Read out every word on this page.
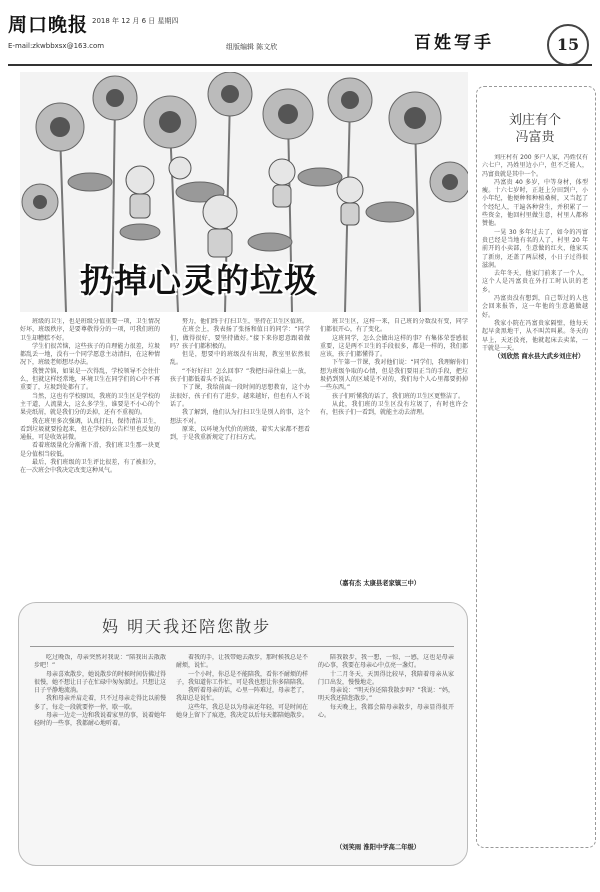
周口晚报 2018 年 12 月 6 日 星期四
E-mail:zkwbbxsx@163.com	组版编辑 陈文欣	百姓写手	15
扔掉心灵的垃圾

班级的卫生，也是班级分值重要一项，卫生情况好坏，班级秩序，是要尊敬得分的一项，可我们班的卫生却糟糕不好。

学生们很苦恼，这些孩子的自理能力很差，垃圾都乱丢一地，没有一个同学愿意主动清扫，在这种情况下，班级老师想尽办法。

我赞苦恼，如果是一次得乱，学校领导不会往什么，但就这样经常地，环境卫生在同学们的心中不再重要了，垃圾到处都有了。

当然，这也有学校原因，我班的卫生区是学校的主干道，人流量大，这么多学生，谁要是不小心的个果壳纸屑，就是我们分的丢掉，还有不重视的。

我在班里多次强调，认真打扫，保持清洁卫生，看到垃圾就要捡起来，但在学校的公告栏里也反复的通报，可是收效甚微。

看着班级量化分渐渐下滑，我们班卫生那一块更是分值相当较低。

最后，我们班级的卫生评比很差，有了被扣分，在一次班会中我决定改变这种风气。

努力，他们终于打扫卫生，坚持在卫生区值班。

在班会上，我表扬了张扬和值日的同学：“同学们，做得很好，要坚持做好。”接下来你愿意跟着做吗？孩子们都积极的。

但是，想要中的班级没有出现，教室里依然很乱。

“不好好扫！怎么回事？”我把扫帚往桌上一放，孩子们都低着头不说话。

下了课，我给前面一段时间的思想教育，这个办法很好，孩子们有了进步，越来越好，但也有人不说话了。

我了解到，他们认为打扫卫生是别人的事，这个想法不对。

原来，以环境为代价的班级，着实大家都不想看到，于是我重新规定了打扫方式。

班卫生区，这样一来，自己班的分数没有变，同学们都很开心，有了变化。

这班同学，怎么会做出这样的事？有集体荣誉感很重要，这是两不卫生的手段很多，都是一样的，我们都应该，孩子们都懂得了。

下午第一节课，我对他们说：“同学们，我理解你们想为班级争取的心情，但是我们要用正当的手段，把垃圾扔到别人的区域是不对的，我们每个人心里都要扔掉一些东西。”

孩子们听懂我的话了，我们班的卫生区更整洁了。

从此，我们班的卫生区没有垃圾了，有时也许会有，但孩子们一看到，就能主动去清理。

（嘉有杰 太康县老家镇三中）
刘庄有个
冯富贵

刘庄村有 200 多户人家，冯姓仅有六七户，冯姓里边小户，但不乏能人，冯富贵就是其中一个。

冯富贵 40 多岁，中等身材，体型瘦。十六七岁时，正赶上分田到户，小小年纪，他便种和种植桑树，又当起了个经纪人，干遍各种营生，并积累了一些资金，他回村里做生意，村里人都称赞他。

一晃 30 多年过去了，如今的冯富贵已经是当地有名的人了，村里 20 年前开的小卖部，生意做的红火，他家买了新房，还盖了两层楼，小日子过得很滋润。

去年冬天，他家门前来了一个人，这个人是冯富贵在外打工时认识的老乡。

冯富贵没有想到，自己帮过的人也会回来报答，这一年他的生意越做越好。

我家小院在冯富贵家隔壁，他每天起早贪黑地干，从不叫苦叫累。冬天的早上，天还没亮，他就起床去卖菜，一干就是一天。

（刘欣然 商水县大武乡刘庄村）

妈 明天我还陪您散步

吃过晚饭，母亲突然对我说：“陪我出去散散步吧！”

母亲喜欢散步，她说散步的时候时间仿佛过得很慢，她不想让日子在忙碌中匆匆溜过。只想让这日子平静地流淌。

我和母亲并肩走着，只不过母亲走得比以前慢多了，每走一段就要停一停，歇一歇。

母亲一边走一边和我说着家里的事，说着她年轻时的一些事，我都耐心地听着。

着我的手，让我带她去散步，那时候我总是不耐烦，说忙。

一个小时，你总是不能陪我，看你不耐烦的样子，我知道你工作忙，可是我也想让你多陪陪我。

我听着母亲的话，心里一阵难过，母亲老了，我却总是说忙。

这些年，我总是以为母亲还年轻，可是时间在她身上留下了痕迹，我决定以后每天都陪她散步。

陪我散步，我一想，一惊，一感，这也是母亲的心事，我要在母亲心中点亮一盏灯。

十二月冬天，天黑得比较早，我陪着母亲从家门口出发，慢慢地走。

母亲说：“明天你还陪我散步吗？”我说：“妈，明天我还陪您散步。”

每天晚上，我都会陪母亲散步，母亲显得很开心。

（刘笑雨 淮阳中学高二年级）
